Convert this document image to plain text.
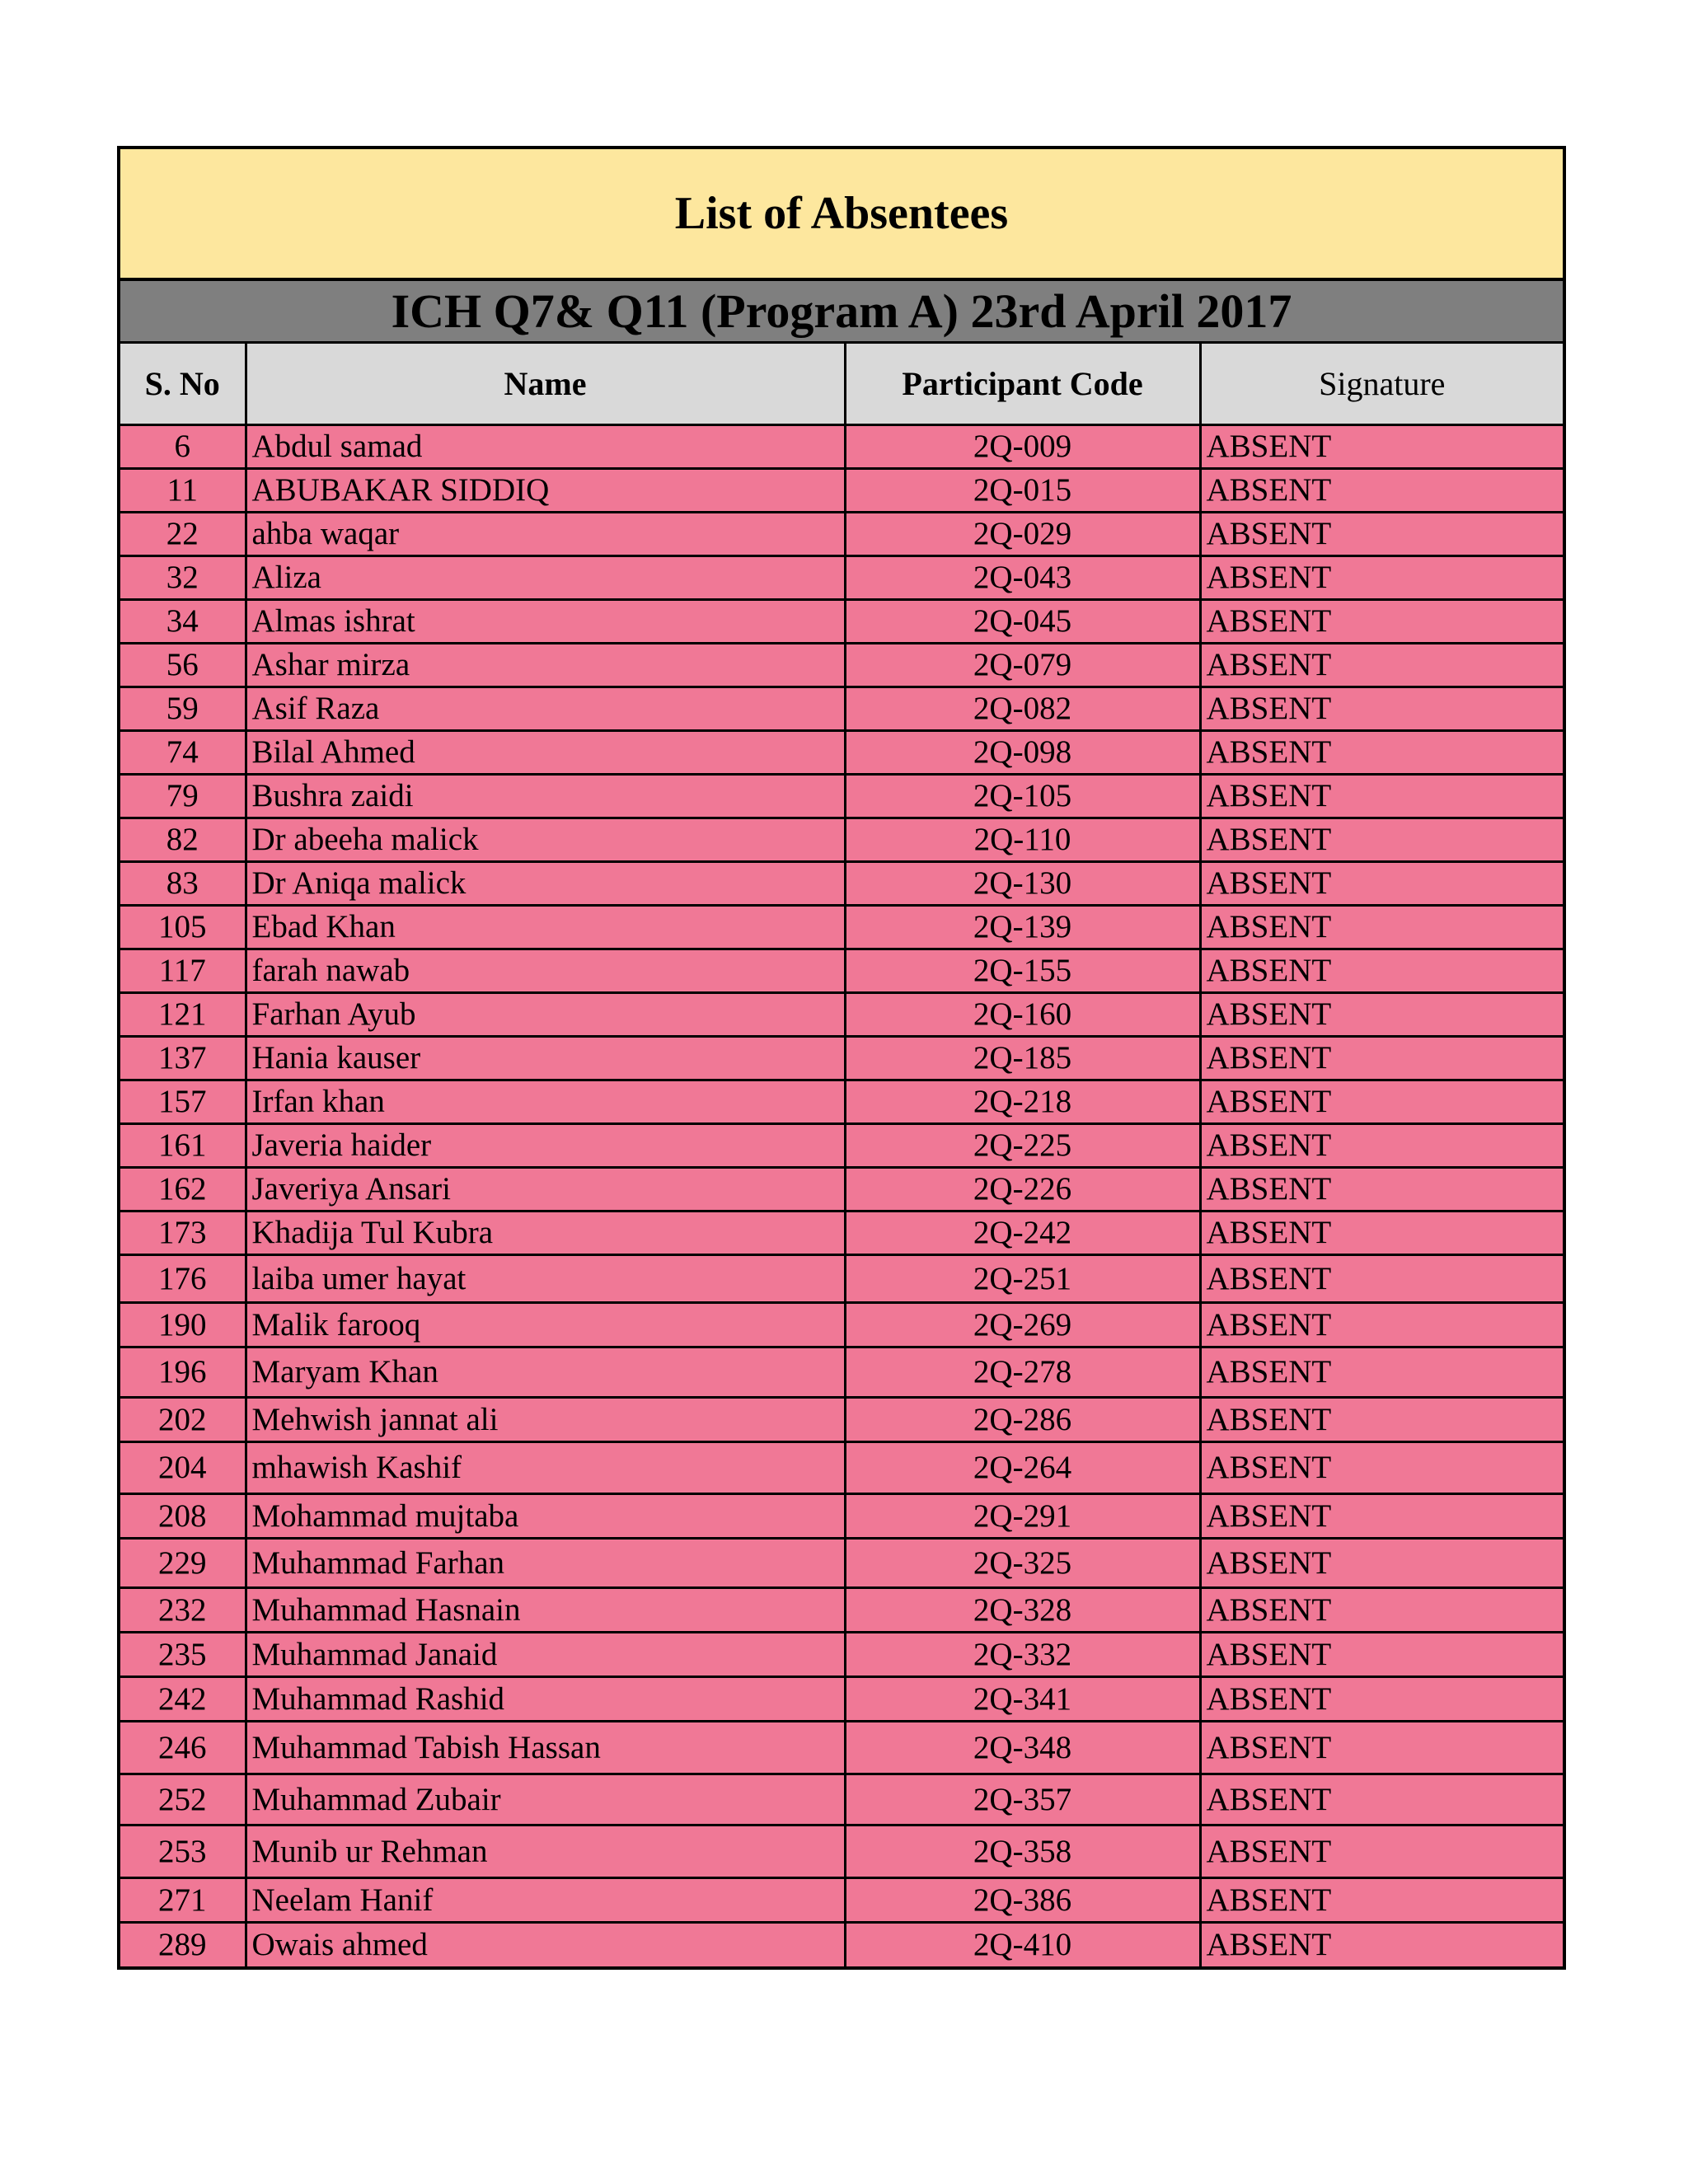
List of Absentees
ICH Q7& Q11 (Program A) 23rd April 2017
S. No	Name	Participant Code	Signature
6	Abdul samad	2Q-009	ABSENT
11	ABUBAKAR SIDDIQ	2Q-015	ABSENT
22	ahba waqar	2Q-029	ABSENT
32	Aliza	2Q-043	ABSENT
34	Almas ishrat	2Q-045	ABSENT
56	Ashar mirza	2Q-079	ABSENT
59	Asif Raza	2Q-082	ABSENT
74	Bilal Ahmed	2Q-098	ABSENT
79	Bushra zaidi	2Q-105	ABSENT
82	Dr abeeha malick	2Q-110	ABSENT
83	Dr Aniqa malick	2Q-130	ABSENT
105	Ebad Khan	2Q-139	ABSENT
117	farah nawab	2Q-155	ABSENT
121	Farhan Ayub	2Q-160	ABSENT
137	Hania kauser	2Q-185	ABSENT
157	Irfan khan	2Q-218	ABSENT
161	Javeria haider	2Q-225	ABSENT
162	Javeriya Ansari	2Q-226	ABSENT
173	Khadija Tul Kubra	2Q-242	ABSENT
176	laiba umer hayat	2Q-251	ABSENT
190	Malik farooq	2Q-269	ABSENT
196	Maryam Khan	2Q-278	ABSENT
202	Mehwish jannat ali	2Q-286	ABSENT
204	mhawish Kashif	2Q-264	ABSENT
208	Mohammad mujtaba	2Q-291	ABSENT
229	Muhammad Farhan	2Q-325	ABSENT
232	Muhammad Hasnain	2Q-328	ABSENT
235	Muhammad Janaid	2Q-332	ABSENT
242	Muhammad Rashid	2Q-341	ABSENT
246	Muhammad Tabish Hassan	2Q-348	ABSENT
252	Muhammad Zubair	2Q-357	ABSENT
253	Munib ur Rehman	2Q-358	ABSENT
271	Neelam Hanif	2Q-386	ABSENT
289	Owais ahmed	2Q-410	ABSENT
